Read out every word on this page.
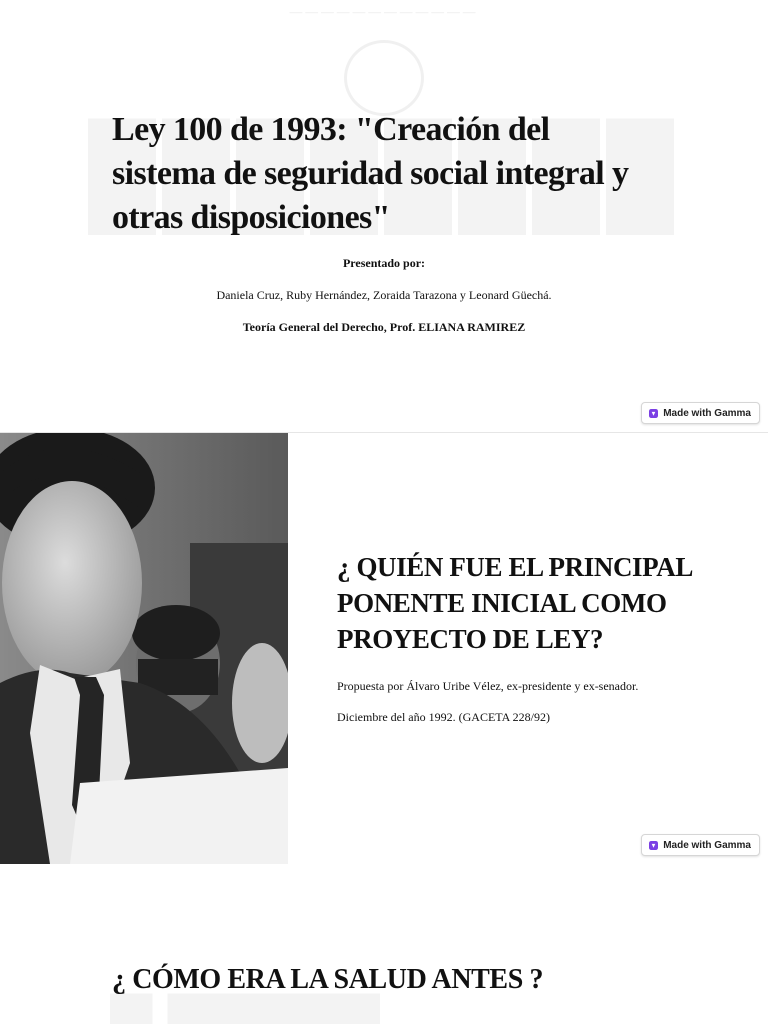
Ley 100 de 1993: "Creación del sistema de seguridad social integral y otras disposiciones"

Presentado por:

Daniela Cruz, Ruby Hernández, Zoraida Tarazona y Leonard Güechá.

Teoría General del Derecho, Prof. ELIANA RAMIREZ

Made with Gamma
¿ QUIÉN FUE EL PRINCIPAL PONENTE INICIAL COMO PROYECTO DE LEY?

Propuesta por Álvaro Uribe Vélez, ex-presidente y ex-senador.

Diciembre del año 1992. (GACETA 228/92)

Made with Gamma
¿ CÓMO ERA LA SALUD ANTES ?
